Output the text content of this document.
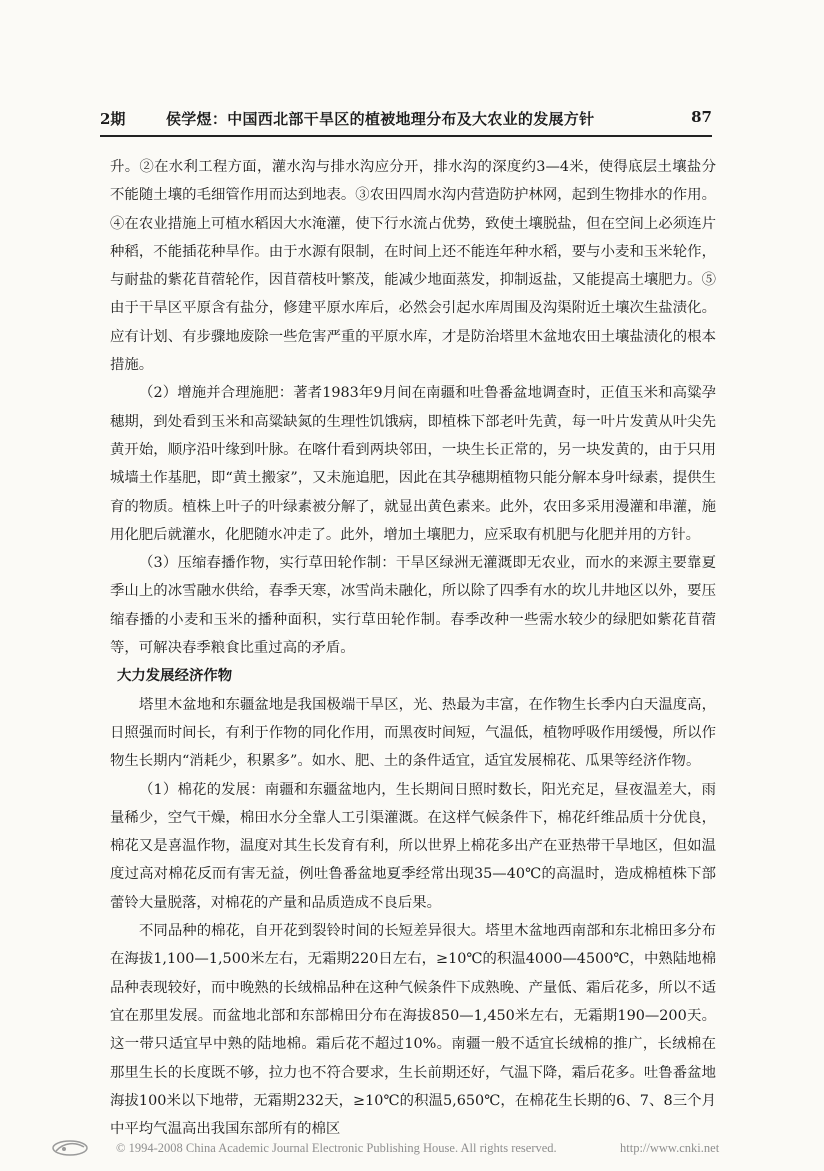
2期	侯学煜：中国西北部干旱区的植被地理分布及大农业的发展方针	87

升。②在水利工程方面，灌水沟与排水沟应分开，排水沟的深度约3—4米，使得底层土壤盐分不能随土壤的毛细管作用而达到地表。③农田四周水沟内营造防护林网，起到生物排水的作用。④在农业措施上可植水稻因大水淹灌，使下行水流占优势，致使土壤脱盐，但在空间上必须连片种稻，不能插花种旱作。由于水源有限制，在时间上还不能连年种水稻，要与小麦和玉米轮作，与耐盐的紫花苜蓿轮作，因苜蓿枝叶繁茂，能减少地面蒸发，抑制返盐，又能提高土壤肥力。⑤由于干旱区平原含有盐分，修建平原水库后，必然会引起水库周围及沟渠附近土壤次生盐渍化。应有计划、有步骤地废除一些危害严重的平原水库，才是防治塔里木盆地农田土壤盐渍化的根本措施。

（2）增施并合理施肥：著者1983年9月间在南疆和吐鲁番盆地调查时，正值玉米和高粱孕穗期，到处看到玉米和高粱缺氮的生理性饥饿病，即植株下部老叶先黄，每一叶片发黄从叶尖先黄开始，顺序沿叶缘到叶脉。在喀什看到两块邻田，一块生长正常的，另一块发黄的，由于只用城墙土作基肥，即“黄土搬家”，又未施追肥，因此在其孕穗期植物只能分解本身叶绿素，提供生育的物质。植株上叶子的叶绿素被分解了，就显出黄色素来。此外，农田多采用漫灌和串灌，施用化肥后就灌水，化肥随水冲走了。此外，增加土壤肥力，应采取有机肥与化肥并用的方针。

（3）压缩春播作物，实行草田轮作制：干旱区绿洲无灌溉即无农业，而水的来源主要靠夏季山上的冰雪融水供给，春季天寒，冰雪尚未融化，所以除了四季有水的坎儿井地区以外，要压缩春播的小麦和玉米的播种面积，实行草田轮作制。春季改种一些需水较少的绿肥如紫花苜蓿等，可解决春季粮食比重过高的矛盾。

大力发展经济作物

塔里木盆地和东疆盆地是我国极端干旱区，光、热最为丰富，在作物生长季内白天温度高，日照强而时间长，有利于作物的同化作用，而黑夜时间短，气温低，植物呼吸作用缓慢，所以作物生长期内“消耗少，积累多”。如水、肥、土的条件适宜，适宜发展棉花、瓜果等经济作物。

（1）棉花的发展：南疆和东疆盆地内，生长期间日照时数长，阳光充足，昼夜温差大，雨量稀少，空气干燥，棉田水分全靠人工引渠灌溉。在这样气候条件下，棉花纤维品质十分优良，棉花又是喜温作物，温度对其生长发育有利，所以世界上棉花多出产在亚热带干旱地区，但如温度过高对棉花反而有害无益，例吐鲁番盆地夏季经常出现35—40℃的高温时，造成棉植株下部蕾铃大量脱落，对棉花的产量和品质造成不良后果。

不同品种的棉花，自开花到裂铃时间的长短差异很大。塔里木盆地西南部和东北棉田多分布在海拔1,100—1,500米左右，无霜期220日左右，≥10℃的积温4000—4500℃，中熟陆地棉品种表现较好，而中晚熟的长绒棉品种在这种气候条件下成熟晚、产量低、霜后花多，所以不适宜在那里发展。而盆地北部和东部棉田分布在海拔850—1,450米左右，无霜期190—200天。这一带只适宜早中熟的陆地棉。霜后花不超过10%。南疆一般不适宜长绒棉的推广，长绒棉在那里生长的长度既不够，拉力也不符合要求，生长前期还好，气温下降，霜后花多。吐鲁番盆地海拔100米以下地带，无霜期232天，≥10℃的积温5,650℃，在棉花生长期的6、7、8三个月中平均气温高出我国东部所有的棉区

© 1994-2008 China Academic Journal Electronic Publishing House. All rights reserved.	http://www.cnki.net
